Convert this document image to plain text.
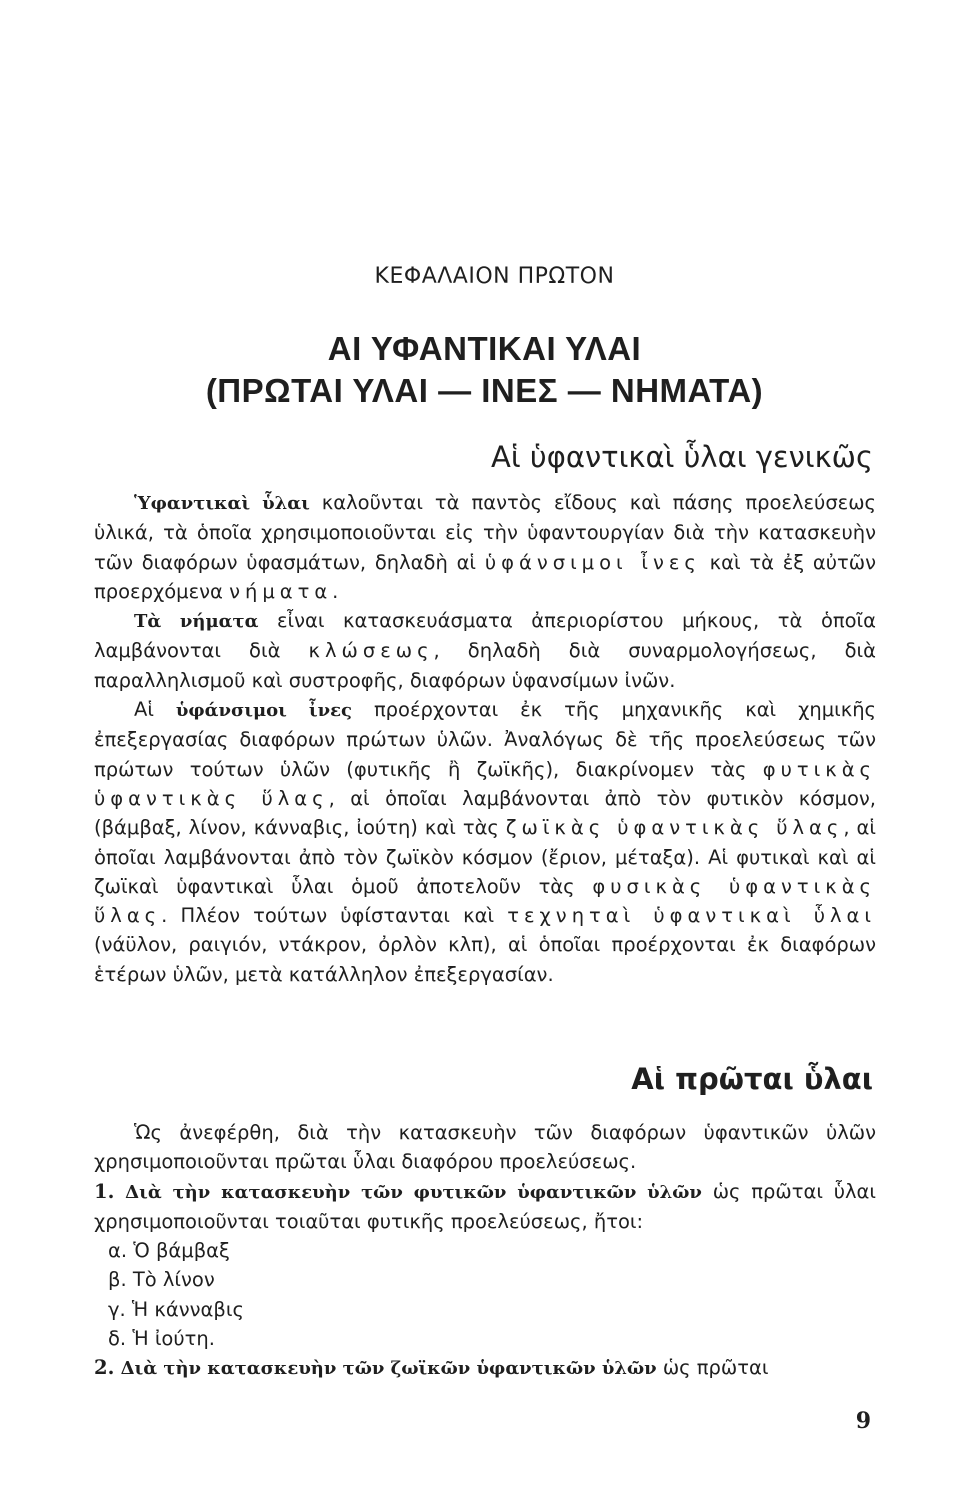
ΚΕΦΑΛΑΙΟΝ ΠΡΩΤΟΝ
ΑΙ ΥΦΑΝΤΙΚΑΙ ΥΛΑΙ
(ΠΡΩΤΑΙ ΥΛΑΙ — ΙΝΕΣ — ΝΗΜΑΤΑ)
Αἱ ὑφαντικαὶ ὗλαι γενικῶς

Ὑφαντικαὶ ὗλαι καλοῦνται τὰ παντὸς εἴδους καὶ πάσης προελεύσεως ὑλικά, τὰ ὁποῖα χρησιμοποιοῦνται εἰς τὴν ὑφαντουργίαν διὰ τὴν κατασκευὴν τῶν διαφόρων ὑφασμάτων, δηλαδὴ αἱ ὑφάνσιμοι ἶνες καὶ τὰ ἐξ αὐτῶν προερχόμενα νήματα.

Τὰ νήματα εἶναι κατασκευάσματα ἀπεριορίστου μήκους, τὰ ὁποῖα λαμβάνονται διὰ κλώσεως, δηλαδὴ διὰ συναρμολογήσεως, διὰ παραλληλισμοῦ καὶ συστροφῆς, διαφόρων ὑφανσίμων ἰνῶν.

Αἱ ὑφάνσιμοι ἶνες προέρχονται ἐκ τῆς μηχανικῆς καὶ χημικῆς ἐπεξεργασίας διαφόρων πρώτων ὑλῶν. Ἀναλόγως δὲ τῆς προελεύσεως τῶν πρώτων τούτων ὑλῶν (φυτικῆς ἢ ζωϊκῆς), διακρίνομεν τὰς φυτικὰς ὑφαντικὰς ὕλας, αἱ ὁποῖαι λαμβάνονται ἀπὸ τὸν φυτικὸν κόσμον, (βάμβαξ, λίνον, κάνναβις, ἰούτη) καὶ τὰς ζωϊκὰς ὑφαντικὰς ὕλας, αἱ ὁποῖαι λαμβάνονται ἀπὸ τὸν ζωϊκὸν κόσμον (ἔριον, μέταξα). Αἱ φυτικαὶ καὶ αἱ ζωϊκαὶ ὑφαντικαὶ ὗλαι ὁμοῦ ἀποτελοῦν τὰς φυσικὰς ὑφαντικὰς ὕλας. Πλέον τούτων ὑφίστανται καὶ τεχνηταὶ ὑφαντικαὶ ὗλαι (νάϋλον, ραιγιόν, ντάκρον, ὀρλὸν κλπ), αἱ ὁποῖαι προέρχονται ἐκ διαφόρων ἑτέρων ὑλῶν, μετὰ κατάλληλον ἐπεξεργασίαν.

Αἱ πρῶται ὗλαι

Ὡς ἀνεφέρθη, διὰ τὴν κατασκευὴν τῶν διαφόρων ὑφαντικῶν ὑλῶν χρησιμοποιοῦνται πρῶται ὗλαι διαφόρου προελεύσεως.

1. Διὰ τὴν κατασκευὴν τῶν φυτικῶν ὑφαντικῶν ὑλῶν ὡς πρῶται ὗλαι χρησιμοποιοῦνται τοιαῦται φυτικῆς προελεύσεως, ἤτοι:
α. Ὁ βάμβαξ
β. Τὸ λίνον
γ. Ἡ κάνναβις
δ. Ἡ ἰούτη.
2. Διὰ τὴν κατασκευὴν τῶν ζωϊκῶν ὑφαντικῶν ὑλῶν ὡς πρῶται
9
